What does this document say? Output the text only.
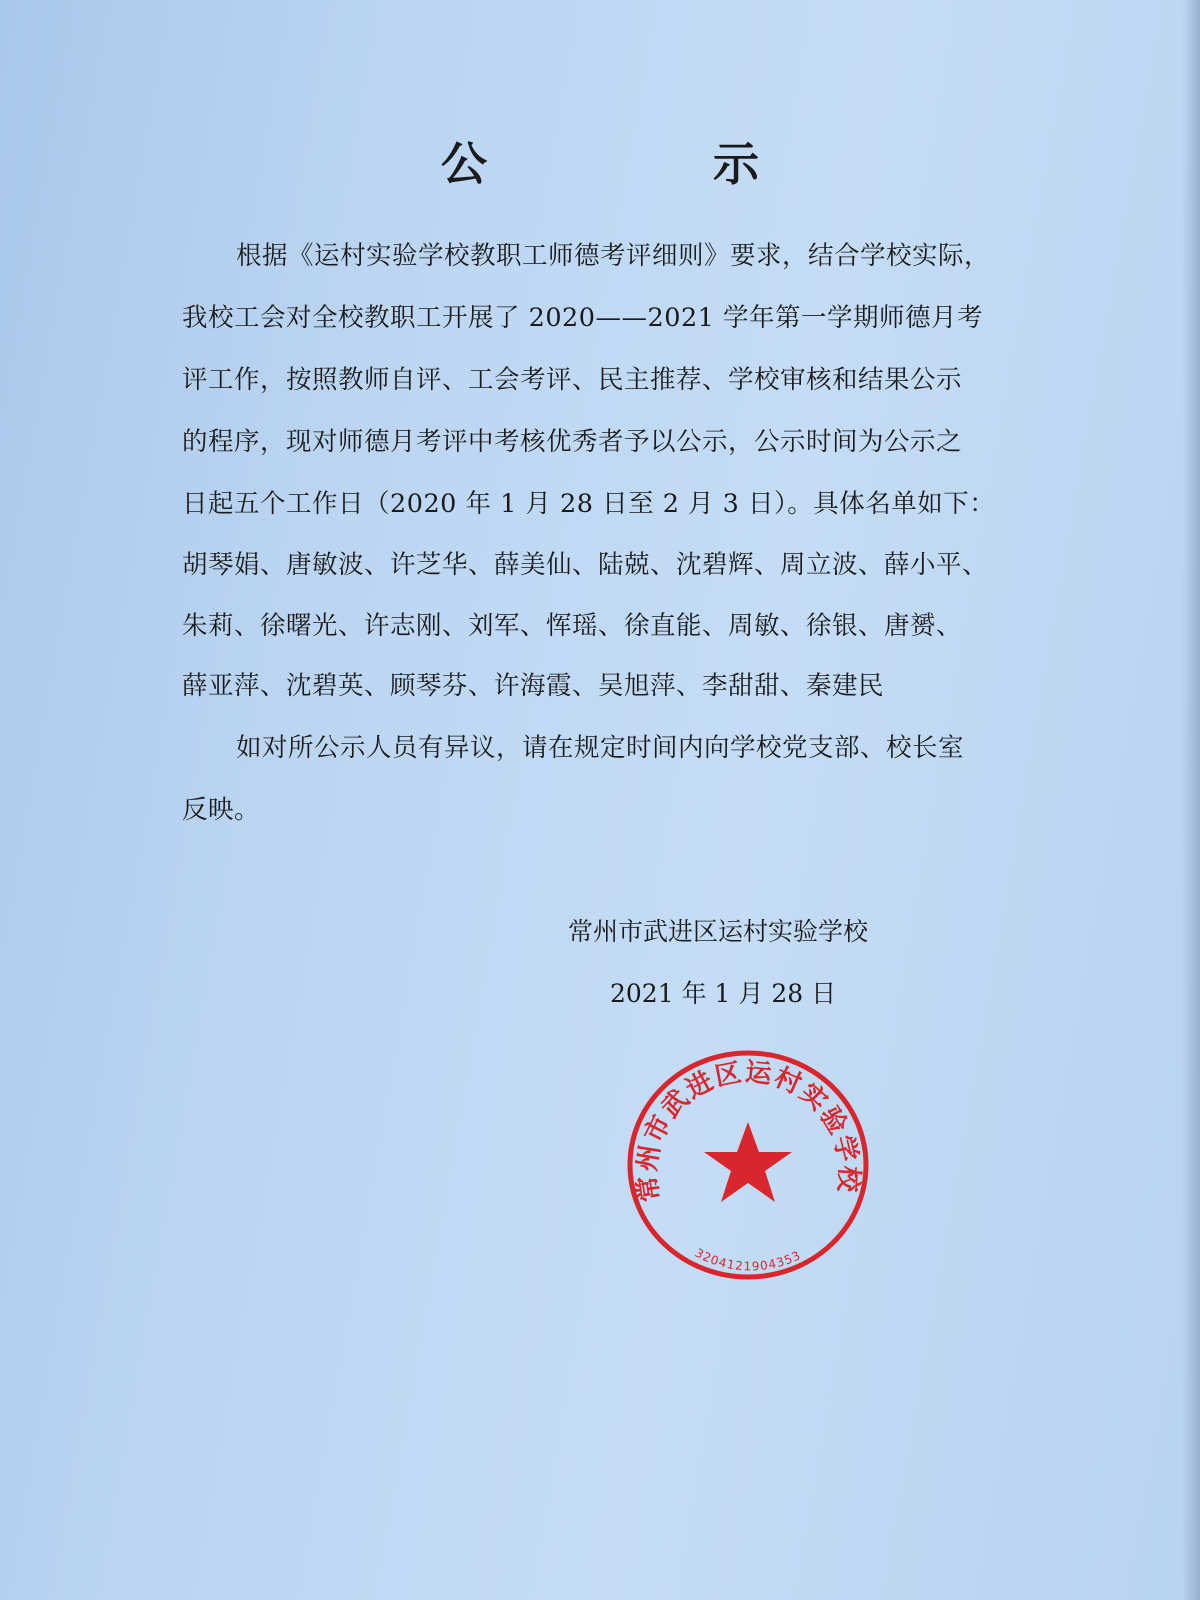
公　示
根据《运村实验学校教职工师德考评细则》要求，结合学校实际，
我校工会对全校教职工开展了 2020——2021 学年第一学期师德月考
评工作，按照教师自评、工会考评、民主推荐、学校审核和结果公示
的程序，现对师德月考评中考核优秀者予以公示，公示时间为公示之
日起五个工作日（2020 年 1 月 28 日至 2 月 3 日）。具体名单如下：
胡琴娟、唐敏波、许芝华、薛美仙、陆兢、沈碧辉、周立波、薛小平、
朱莉、徐曙光、许志刚、刘军、恽瑶、徐直能、周敏、徐银、唐赟、
薛亚萍、沈碧英、顾琴芬、许海霞、吴旭萍、李甜甜、秦建民
如对所公示人员有异议，请在规定时间内向学校党支部、校长室
反映。
常州市武进区运村实验学校
2021 年 1 月 28 日
常州市武进区运村实验学校
3204121904353
